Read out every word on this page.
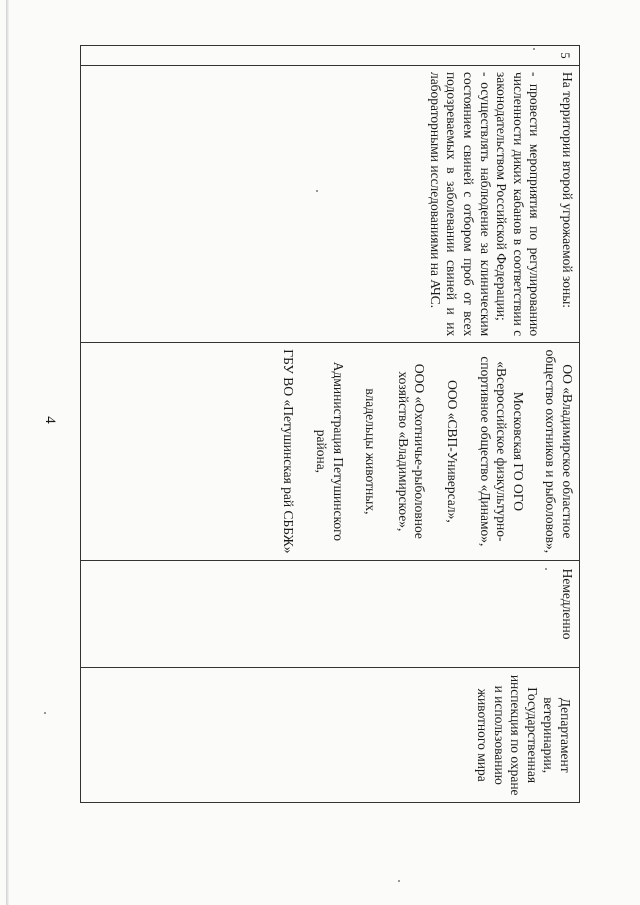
4
5

На территории второй угрожаемой зоны:

- провести мероприятия по регулированию численности диких кабанов в соответствии с законодательством Российской Федерации;

- осуществлять наблюдение за клиническим состоянием свиней с отбором проб от всех подозреваемых в заболевании свиней и их лабораторными исследованиями на АЧС.

ОО «Владимирское областное общество охотников и рыболовов»,

Московская ГО ОГО «Всероссийское физкультурно-спортивное общество «Динамо»,

ООО «СВП-Универсал»,

ООО «Охотничье-рыболовное хозяйство «Владимирское»,

владельцы животных,

Администрация Петушинского района,

ГБУ ВО «Петушинская рай СББЖ»

Немедленно

Департамент ветеринарии, Государственная инспекция по охране и использованию животного мира
